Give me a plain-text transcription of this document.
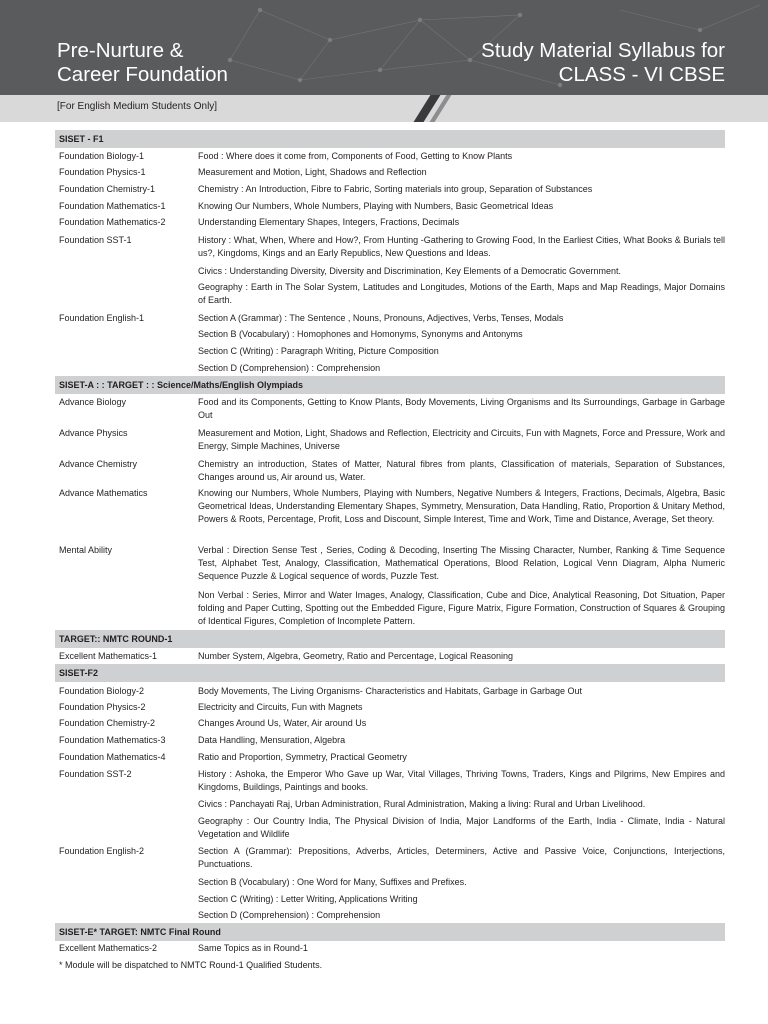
Pre-Nurture &
Career Foundation
Study Material Syllabus for
CLASS - VI CBSE
[For English Medium Students Only]
SISET - F1
Foundation Biology-1	Food : Where does it come from, Components of Food, Getting to Know Plants
Foundation Physics-1	Measurement and Motion, Light, Shadows and Reflection
Foundation Chemistry-1	Chemistry : An Introduction, Fibre to Fabric, Sorting materials into group, Separation of Substances
Foundation Mathematics-1	Knowing Our Numbers, Whole Numbers, Playing with Numbers, Basic Geometrical Ideas
Foundation Mathematics-2	Understanding Elementary Shapes, Integers, Fractions, Decimals
Foundation SST-1	History : What, When, Where and How?, From Hunting -Gathering to Growing Food, In the Earliest Cities, What Books & Burials tell us?, Kingdoms, Kings and an Early Republics, New Questions and Ideas.
Civics : Understanding Diversity, Diversity and Discrimination, Key Elements of a Democratic Government.
Geography : Earth in The Solar System, Latitudes and Longitudes, Motions of the Earth, Maps and Map Readings, Major Domains of Earth.
Foundation English-1	Section A (Grammar) : The Sentence , Nouns, Pronouns, Adjectives, Verbs, Tenses, Modals
Section B (Vocabulary) : Homophones and Homonyms, Synonyms and Antonyms
Section C (Writing) : Paragraph Writing, Picture Composition
Section D (Comprehension) : Comprehension
SISET-A : : TARGET : : Science/Maths/English Olympiads
Advance Biology	Food and its Components, Getting to Know Plants, Body Movements, Living Organisms and Its Surroundings, Garbage in Garbage Out
Advance Physics	Measurement and Motion, Light, Shadows and Reflection, Electricity and Circuits, Fun with Magnets, Force and Pressure, Work and Energy, Simple Machines, Universe
Advance Chemistry	Chemistry an introduction, States of Matter, Natural fibres from plants, Classification of materials, Separation of Substances, Changes around us, Air around us, Water.
Advance Mathematics	Knowing our Numbers, Whole Numbers, Playing with Numbers, Negative Numbers & Integers, Fractions, Decimals, Algebra, Basic Geometrical Ideas, Understanding Elementary Shapes, Symmetry, Mensuration, Data Handling, Ratio, Proportion & Unitary Method, Powers & Roots, Percentage, Profit, Loss and Discount, Simple Interest, Time and Work, Time and Distance, Average, Set theory.
Mental Ability	Verbal : Direction Sense Test , Series, Coding & Decoding, Inserting The Missing Character, Number, Ranking & Time Sequence Test, Alphabet Test, Analogy, Classification, Mathematical Operations, Blood Relation, Logical Venn Diagram, Alpha Numeric Sequence Puzzle & Logical sequence of words, Puzzle Test.
Non Verbal : Series, Mirror and Water Images, Analogy, Classification, Cube and Dice, Analytical Reasoning, Dot Situation, Paper folding and Paper Cutting, Spotting out the Embedded Figure, Figure Matrix, Figure Formation, Construction of Squares & Grouping of Identical Figures, Completion of Incomplete Pattern.
TARGET:: NMTC ROUND-1
Excellent Mathematics-1	Number System, Algebra, Geometry, Ratio and Percentage, Logical Reasoning
SISET-F2
Foundation Biology-2	Body Movements, The Living Organisms- Characteristics and Habitats, Garbage in Garbage Out
Foundation Physics-2	Electricity and Circuits, Fun with Magnets
Foundation Chemistry-2	Changes Around Us, Water, Air around Us
Foundation Mathematics-3	Data Handling, Mensuration, Algebra
Foundation Mathematics-4	Ratio and Proportion, Symmetry, Practical Geometry
Foundation SST-2	History : Ashoka, the Emperor Who Gave up War, Vital Villages, Thriving Towns, Traders, Kings and Pilgrims, New Empires and Kingdoms, Buildings, Paintings and books.
Civics : Panchayati Raj, Urban Administration, Rural Administration, Making a living: Rural and Urban Livelihood.
Geography : Our Country India, The Physical Division of India, Major Landforms of the Earth, India - Climate, India - Natural Vegetation and Wildlife
Foundation English-2	Section A (Grammar): Prepositions, Adverbs, Articles, Determiners, Active and Passive Voice, Conjunctions, Interjections, Punctuations.
Section B (Vocabulary) : One Word for Many, Suffixes and Prefixes.
Section C (Writing) : Letter Writing, Applications Writing
Section D (Comprehension) : Comprehension
SISET-E* TARGET: NMTC Final Round
Excellent Mathematics-2	Same Topics as in Round-1
* Module will be dispatched to NMTC Round-1 Qualified Students.
